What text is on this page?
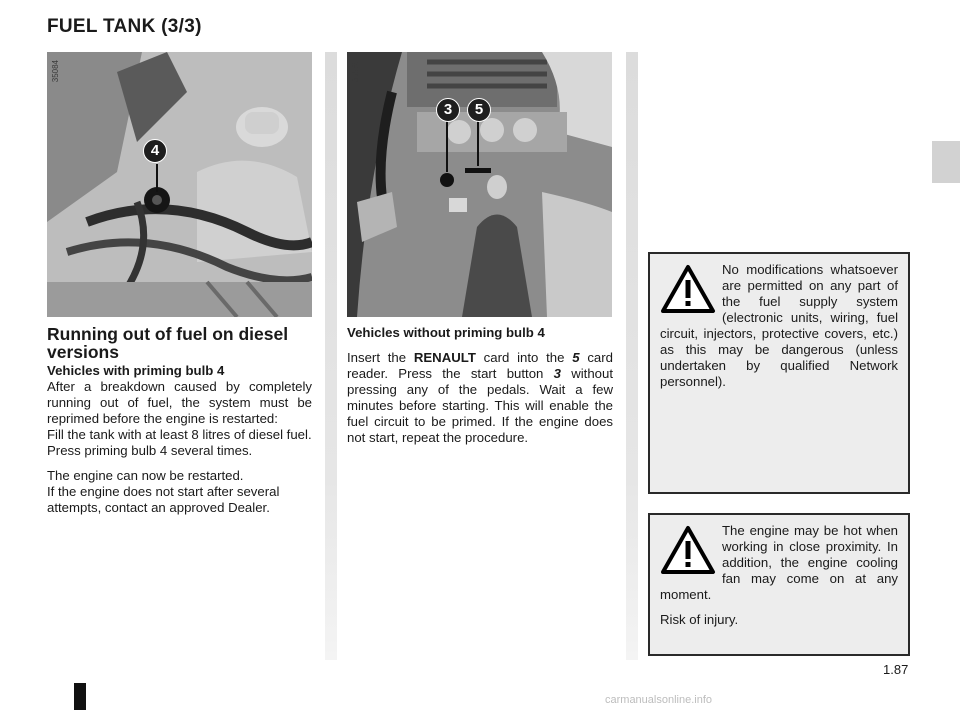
FUEL TANK (3/3)
35084
4
35585
3	5
Running out of fuel on diesel versions

Vehicles with priming bulb 4

After a breakdown caused by completely running out of fuel, the system must be reprimed before the engine is restarted:

Fill the tank with at least 8 litres of diesel fuel.

Press priming bulb 4 several times.

The engine can now be restarted.

If the engine does not start after several attempts, contact an approved Dealer.

Vehicles without priming bulb 4

Insert the RENAULT card into the 5 card reader. Press the start button 3 without pressing any of the pedals. Wait a few minutes before starting. This will enable the fuel circuit to be primed. If the engine does not start, repeat the procedure.

No modifications whatsoever are permitted on any part of the fuel supply system (electronic units, wiring, fuel circuit, injectors, protective covers, etc.) as this may be dangerous (unless undertaken by qualified Network personnel).

The engine may be hot when working in close proximity. In addition, the engine cooling fan may come on at any moment.

Risk of injury.

1.87
carmanualsonline.info
